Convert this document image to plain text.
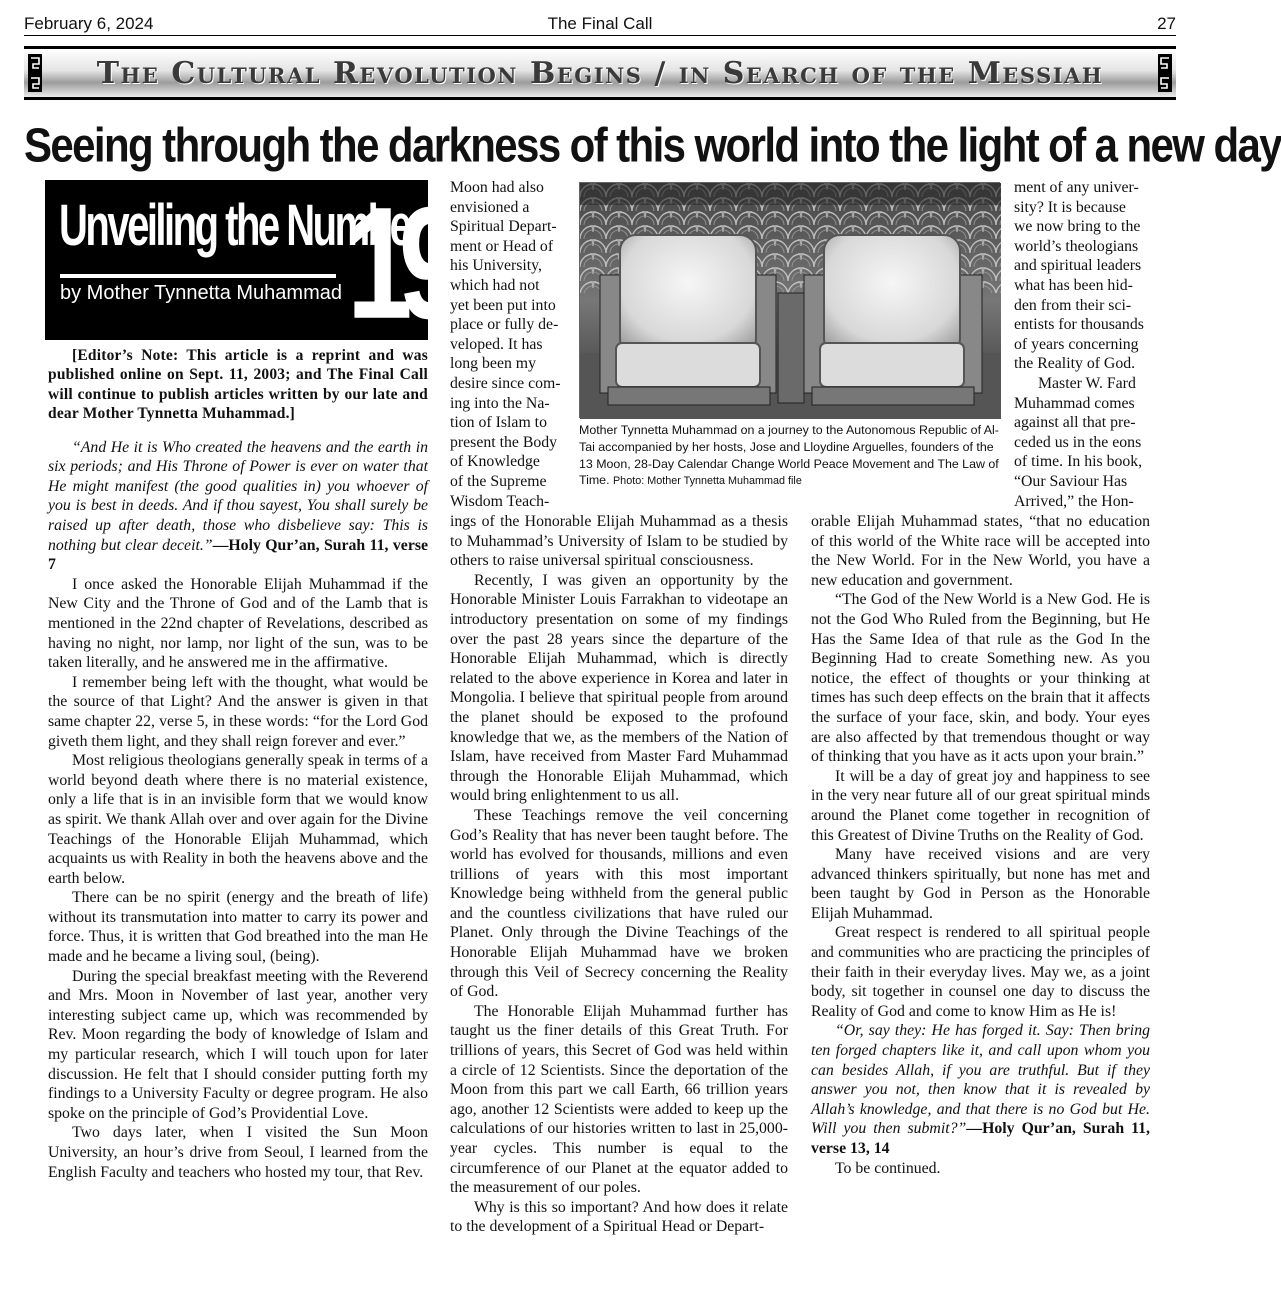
February 6, 2024	The Final Call	27
The Cultural Revolution Begins / in Search of the Messiah
Seeing through the darkness of this world into the light of a new day
Unveiling the Number
by Mother Tynnetta Muhammad 19

[Editor’s Note: This article is a reprint and was published online on Sept. 11, 2003; and The Final Call will continue to publish articles written by our late and dear Mother Tynnetta Muhammad.]

“And He it is Who created the heavens and the earth in six periods; and His Throne of Power is ever on water that He might manifest (the good qualities in) you whoever of you is best in deeds. And if thou sayest, You shall surely be raised up after death, those who disbelieve say: This is nothing but clear deceit.”—Holy Qur’an, Surah 11, verse 7

I once asked the Honorable Elijah Muhammad if the New City and the Throne of God and of the Lamb that is mentioned in the 22nd chapter of Revelations, described as having no night, nor lamp, nor light of the sun, was to be taken literally, and he answered me in the affirmative.

I remember being left with the thought, what would be the source of that Light? And the answer is given in that same chapter 22, verse 5, in these words: “for the Lord God giveth them light, and they shall reign forever and ever.”

Most religious theologians generally speak in terms of a world beyond death where there is no material existence, only a life that is in an invisible form that we would know as spirit. We thank Allah over and over again for the Divine Teachings of the Honorable Elijah Muhammad, which acquaints us with Reality in both the heavens above and the earth below.

There can be no spirit (energy and the breath of life) without its transmutation into matter to carry its power and force. Thus, it is written that God breathed into the man He made and he became a living soul, (being).

During the special breakfast meeting with the Reverend and Mrs. Moon in November of last year, another very interesting subject came up, which was recommended by Rev. Moon regarding the body of knowledge of Islam and my particular research, which I will touch upon for later discussion. He felt that I should consider putting forth my findings to a University Faculty or degree program. He also spoke on the principle of God’s Providential Love.

Two days later, when I visited the Sun Moon University, an hour’s drive from Seoul, I learned from the English Faculty and teachers who hosted my tour, that Rev.

Moon had also
envisioned a
Spiritual Depart-
ment or Head of
his University,
which had not
yet been put into
place or fully de-
veloped. It has
long been my
desire since com-
ing into the Na-
tion of Islam to
present the Body
of Knowledge
of the Supreme
Wisdom Teach-

ings of the Honorable Elijah Muhammad as a thesis to Muhammad’s University of Islam to be studied by others to raise universal spiritual consciousness.

Recently, I was given an opportunity by the Honorable Minister Louis Farrakhan to videotape an introductory presentation on some of my findings over the past 28 years since the departure of the Honorable Elijah Muhammad, which is directly related to the above experience in Korea and later in Mongolia. I believe that spiritual people from around the planet should be exposed to the profound knowledge that we, as the members of the Nation of Islam, have received from Master Fard Muhammad through the Honorable Elijah Muhammad, which would bring enlightenment to us all.

These Teachings remove the veil concerning God’s Reality that has never been taught before. The world has evolved for thousands, millions and even trillions of years with this most important Knowledge being withheld from the general public and the countless civilizations that have ruled our Planet. Only through the Divine Teachings of the Honorable Elijah Muhammad have we broken through this Veil of Secrecy concerning the Reality of God.

The Honorable Elijah Muhammad further has taught us the finer details of this Great Truth. For trillions of years, this Secret of God was held within a circle of 12 Scientists. Since the deportation of the Moon from this part we call Earth, 66 trillion years ago, another 12 Scientists were added to keep up the calculations of our histories written to last in 25,000-year cycles. This number is equal to the circumference of our Planet at the equator added to the measurement of our poles.

Why is this so important? And how does it relate to the development of a Spiritual Head or Depart-

Mother Tynnetta Muhammad on a journey to the Autonomous Republic of Al-Tai accompanied by her hosts, Jose and Lloydine Arguelles, founders of the 13 Moon, 28-Day Calendar Change World Peace Movement and The Law of Time. Photo: Mother Tynnetta Muhammad file
ment of any univer-
sity? It is because
we now bring to the
world’s theologians
and spiritual leaders
what has been hid-
den from their sci-
entists for thousands
of years concerning
the Reality of God.
Master W. Fard
Muhammad comes
against all that pre-
ceded us in the eons
of time. In his book,
“Our Saviour Has
Arrived,” the Hon-

orable Elijah Muhammad states, “that no education of this world of the White race will be accepted into the New World. For in the New World, you have a new education and government.

“The God of the New World is a New God. He is not the God Who Ruled from the Beginning, but He Has the Same Idea of that rule as the God In the Beginning Had to create Something new. As you notice, the effect of thoughts or your thinking at times has such deep effects on the brain that it affects the surface of your face, skin, and body. Your eyes are also affected by that tremendous thought or way of thinking that you have as it acts upon your brain.”

It will be a day of great joy and happiness to see in the very near future all of our great spiritual minds around the Planet come together in recognition of this Greatest of Divine Truths on the Reality of God.

Many have received visions and are very advanced thinkers spiritually, but none has met and been taught by God in Person as the Honorable Elijah Muhammad.

Great respect is rendered to all spiritual people and communities who are practicing the principles of their faith in their everyday lives. May we, as a joint body, sit together in counsel one day to discuss the Reality of God and come to know Him as He is!

“Or, say they: He has forged it. Say: Then bring ten forged chapters like it, and call upon whom you can besides Allah, if you are truthful. But if they answer you not, then know that it is revealed by Allah’s knowledge, and that there is no God but He. Will you then submit?”—Holy Qur’an, Surah 11, verse 13, 14

To be continued.
